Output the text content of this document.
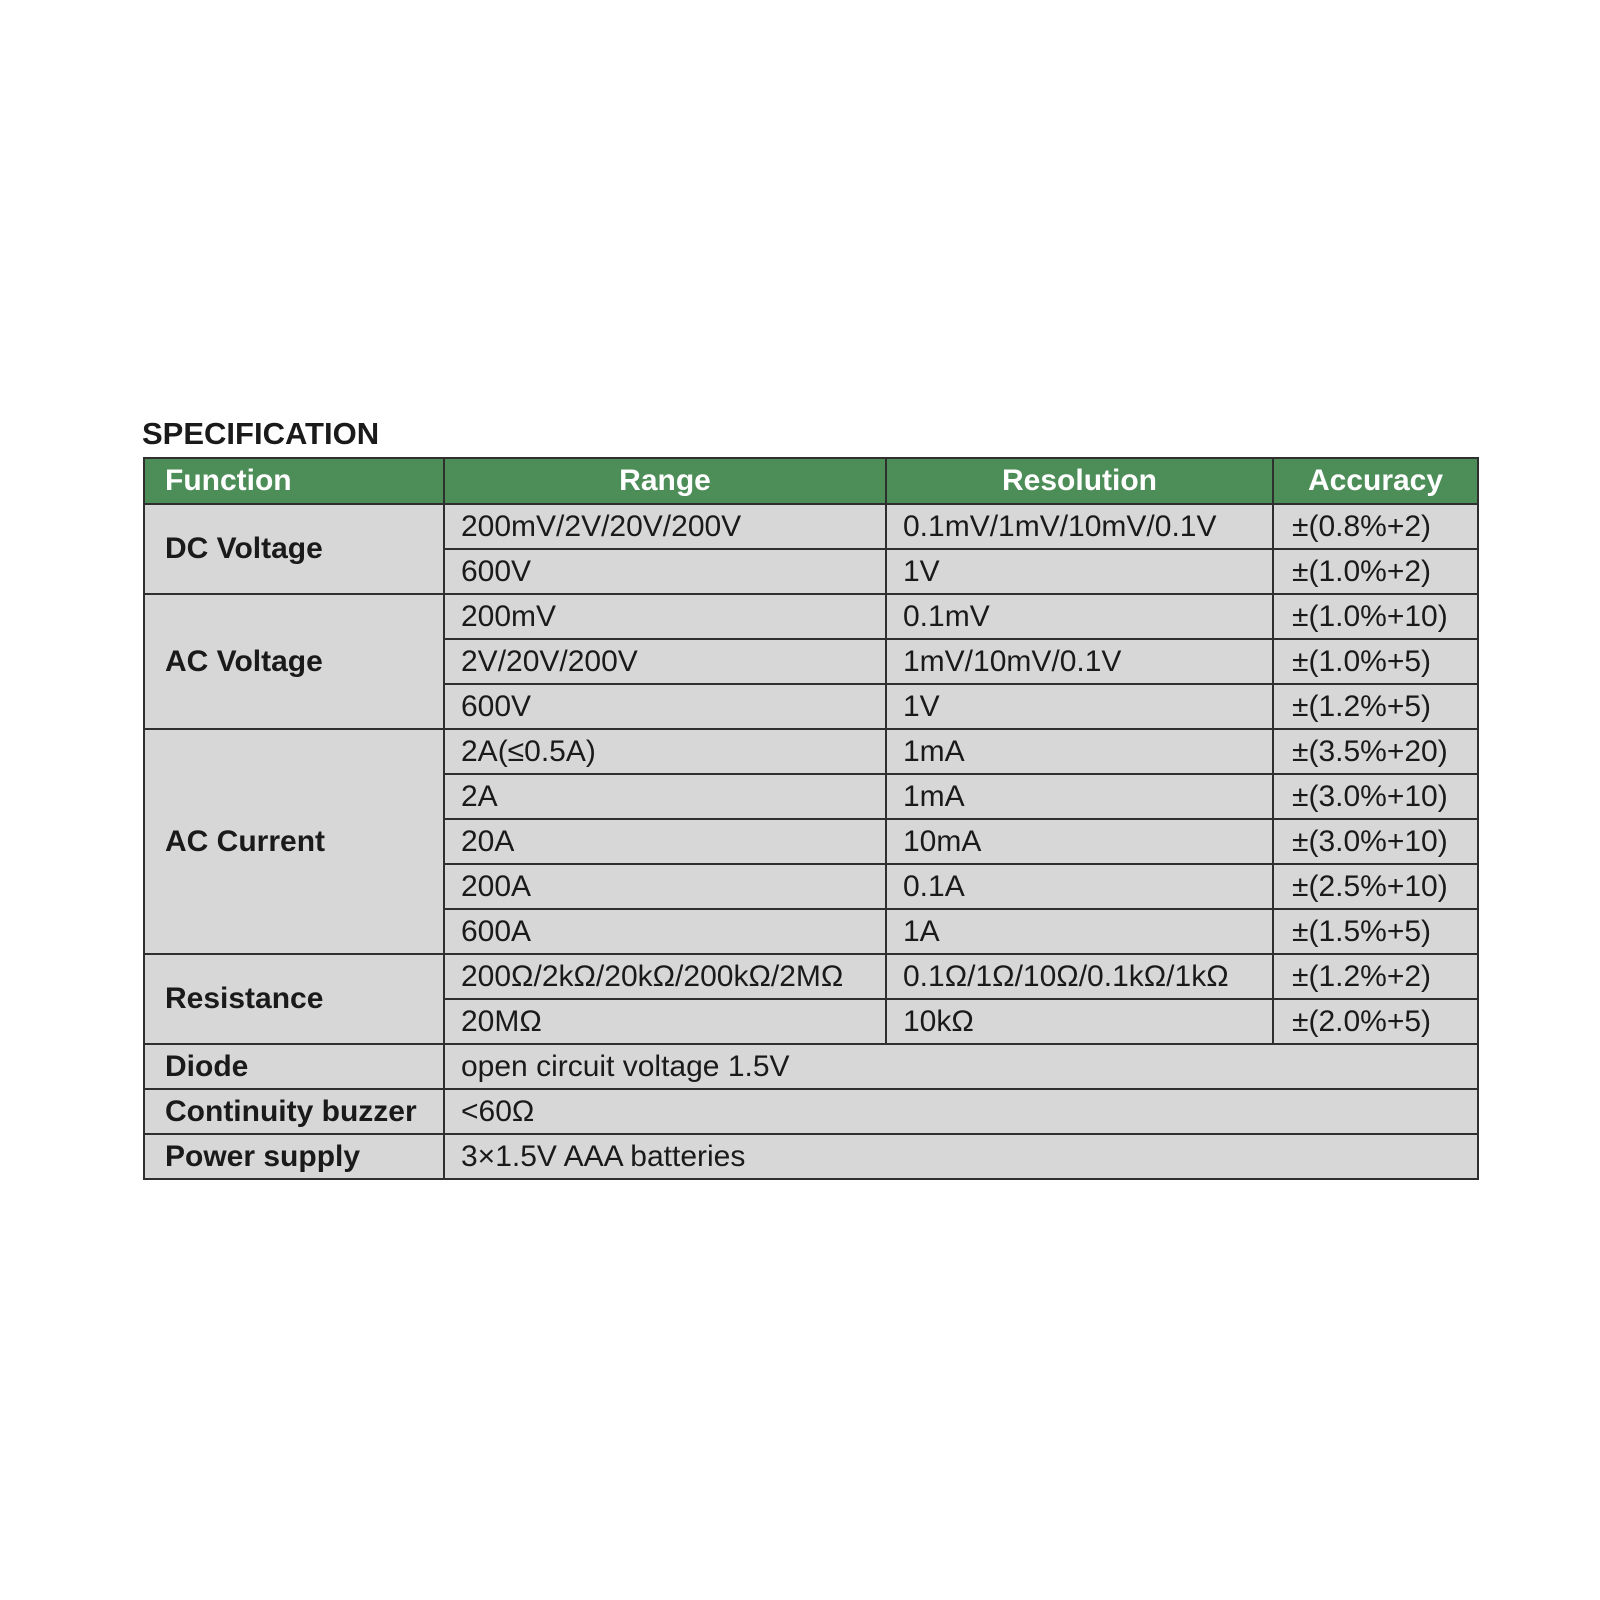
SPECIFICATION
Function	Range	Resolution	Accuracy
DC Voltage	200mV/2V/20V/200V	0.1mV/1mV/10mV/0.1V	±(0.8%+2)
	600V	1V	±(1.0%+2)
AC Voltage	200mV	0.1mV	±(1.0%+10)
	2V/20V/200V	1mV/10mV/0.1V	±(1.0%+5)
	600V	1V	±(1.2%+5)
AC Current	2A(≤0.5A)	1mA	±(3.5%+20)
	2A	1mA	±(3.0%+10)
	20A	10mA	±(3.0%+10)
	200A	0.1A	±(2.5%+10)
	600A	1A	±(1.5%+5)
Resistance	200Ω/2kΩ/20kΩ/200kΩ/2MΩ	0.1Ω/1Ω/10Ω/0.1kΩ/1kΩ	±(1.2%+2)
	20MΩ	10kΩ	±(2.0%+5)
Diode	open circuit voltage 1.5V		
Continuity buzzer	<60Ω		
Power supply	3×1.5V AAA batteries		
